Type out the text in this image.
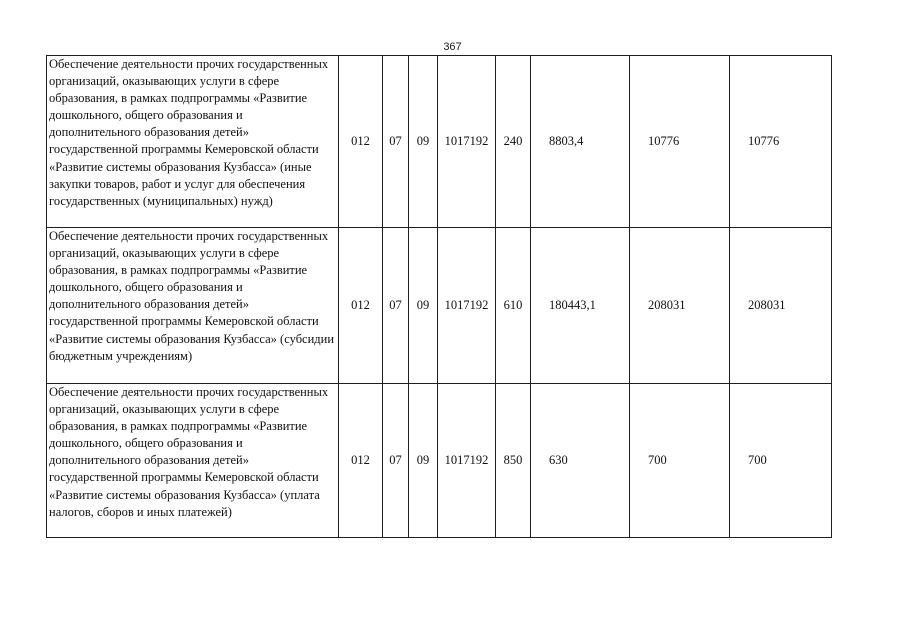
367
Обеспечение деятельности прочих государственных организаций, оказывающих услуги в сфере образования, в рамках подпрограммы «Развитие дошкольного, общего образования и дополнительного образования детей» государственной программы Кемеровской области «Развитие системы образования Кузбасса» (иные закупки товаров, работ и услуг для обеспечения государственных (муниципальных) нужд)	012	07	09	1017192	240	8803,4	10776	10776
Обеспечение деятельности прочих государственных организаций, оказывающих услуги в сфере образования, в рамках подпрограммы «Развитие дошкольного, общего образования и дополнительного образования детей» государственной программы Кемеровской области «Развитие системы образования Кузбасса» (субсидии бюджетным учреждениям)	012	07	09	1017192	610	180443,1	208031	208031
Обеспечение деятельности прочих государственных организаций, оказывающих услуги в сфере образования, в рамках подпрограммы «Развитие дошкольного, общего образования и дополнительного образования детей» государственной программы Кемеровской области «Развитие системы образования Кузбасса» (уплата налогов, сборов и иных платежей)	012	07	09	1017192	850	630	700	700
